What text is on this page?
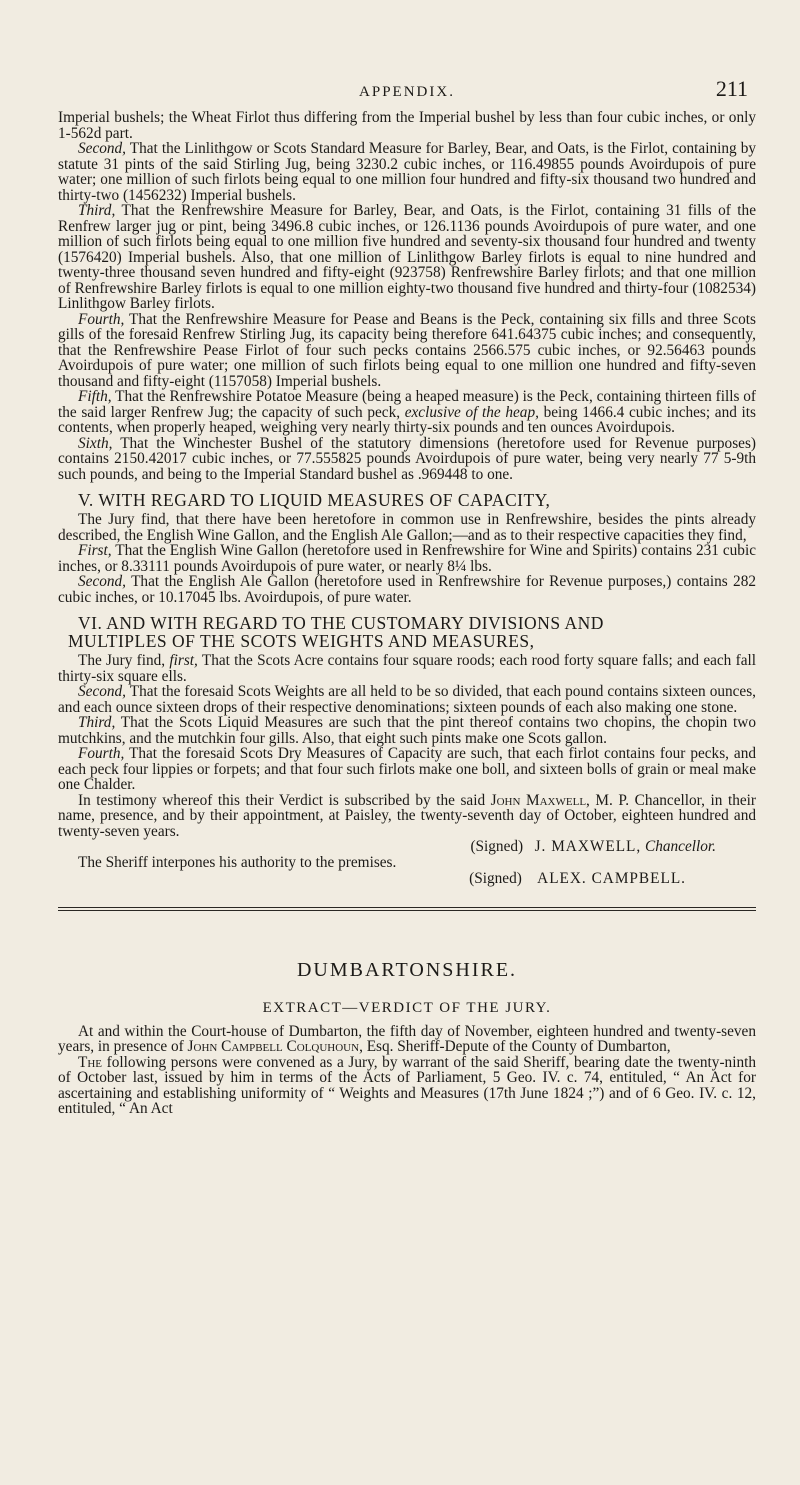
APPENDIX.	211

Imperial bushels; the Wheat Firlot thus differing from the Imperial bushel by less than four cubic inches, or only 1-562d part.

Second, That the Linlithgow or Scots Standard Measure for Barley, Bear, and Oats, is the Firlot, containing by statute 31 pints of the said Stirling Jug, being 3230.2 cubic inches, or 116.49855 pounds Avoirdupois of pure water; one million of such firlots being equal to one million four hundred and fifty-six thousand two hundred and thirty-two (1456232) Imperial bushels.

Third, That the Renfrewshire Measure for Barley, Bear, and Oats, is the Firlot, containing 31 fills of the Renfrew larger jug or pint, being 3496.8 cubic inches, or 126.1136 pounds Avoirdupois of pure water, and one million of such firlots being equal to one million five hundred and seventy-six thousand four hundred and twenty (1576420) Imperial bushels. Also, that one million of Linlithgow Barley firlots is equal to nine hundred and twenty-three thousand seven hundred and fifty-eight (923758) Renfrewshire Barley firlots; and that one million of Renfrewshire Barley firlots is equal to one million eighty-two thousand five hundred and thirty-four (1082534) Linlithgow Barley firlots.

Fourth, That the Renfrewshire Measure for Pease and Beans is the Peck, containing six fills and three Scots gills of the foresaid Renfrew Stirling Jug, its capacity being therefore 641.64375 cubic inches; and consequently, that the Renfrewshire Pease Firlot of four such pecks contains 2566.575 cubic inches, or 92.56463 pounds Avoirdupois of pure water; one million of such firlots being equal to one million one hundred and fifty-seven thousand and fifty-eight (1157058) Imperial bushels.

Fifth, That the Renfrewshire Potatoe Measure (being a heaped measure) is the Peck, containing thirteen fills of the said larger Renfrew Jug; the capacity of such peck, exclusive of the heap, being 1466.4 cubic inches; and its contents, when properly heaped, weighing very nearly thirty-six pounds and ten ounces Avoirdupois.

Sixth, That the Winchester Bushel of the statutory dimensions (heretofore used for Revenue purposes) contains 2150.42017 cubic inches, or 77.555825 pounds Avoirdupois of pure water, being very nearly 77 5-9th such pounds, and being to the Imperial Standard bushel as .969448 to one.

V. WITH REGARD TO LIQUID MEASURES OF CAPACITY,

The Jury find, that there have been heretofore in common use in Renfrewshire, besides the pints already described, the English Wine Gallon, and the English Ale Gallon;—and as to their respective capacities they find,

First, That the English Wine Gallon (heretofore used in Renfrewshire for Wine and Spirits) contains 231 cubic inches, or 8.33111 pounds Avoirdupois of pure water, or nearly 8¼ lbs.

Second, That the English Ale Gallon (heretofore used in Renfrewshire for Revenue purposes,) contains 282 cubic inches, or 10.17045 lbs. Avoirdupois, of pure water.

VI. AND WITH REGARD TO THE CUSTOMARY DIVISIONS AND
MULTIPLES OF THE SCOTS WEIGHTS AND MEASURES,

The Jury find, first, That the Scots Acre contains four square roods; each rood forty square falls; and each fall thirty-six square ells.

Second, That the foresaid Scots Weights are all held to be so divided, that each pound contains sixteen ounces, and each ounce sixteen drops of their respective denominations; sixteen pounds of each also making one stone.

Third, That the Scots Liquid Measures are such that the pint thereof contains two chopins, the chopin two mutchkins, and the mutchkin four gills. Also, that eight such pints make one Scots gallon.

Fourth, That the foresaid Scots Dry Measures of Capacity are such, that each firlot contains four pecks, and each peck four lippies or forpets; and that four such firlots make one boll, and sixteen bolls of grain or meal make one Chalder.

In testimony whereof this their Verdict is subscribed by the said John Maxwell, M. P. Chancellor, in their name, presence, and by their appointment, at Paisley, the twenty-seventh day of October, eighteen hundred and twenty-seven years.

(Signed) J. MAXWELL, Chancellor.

The Sheriff interpones his authority to the premises.

(Signed) ALEX. CAMPBELL.
DUMBARTONSHIRE.
EXTRACT—VERDICT OF THE JURY.

At and within the Court-house of Dumbarton, the fifth day of November, eighteen hundred and twenty-seven years, in presence of John Campbell Colquhoun, Esq. Sheriff-Depute of the County of Dumbarton,

The following persons were convened as a Jury, by warrant of the said Sheriff, bearing date the twenty-ninth of October last, issued by him in terms of the Acts of Parliament, 5 Geo. IV. c. 74, entituled, “ An Act for ascertaining and establishing uniformity of “ Weights and Measures (17th June 1824 ;”) and of 6 Geo. IV. c. 12, entituled, “ An Act
